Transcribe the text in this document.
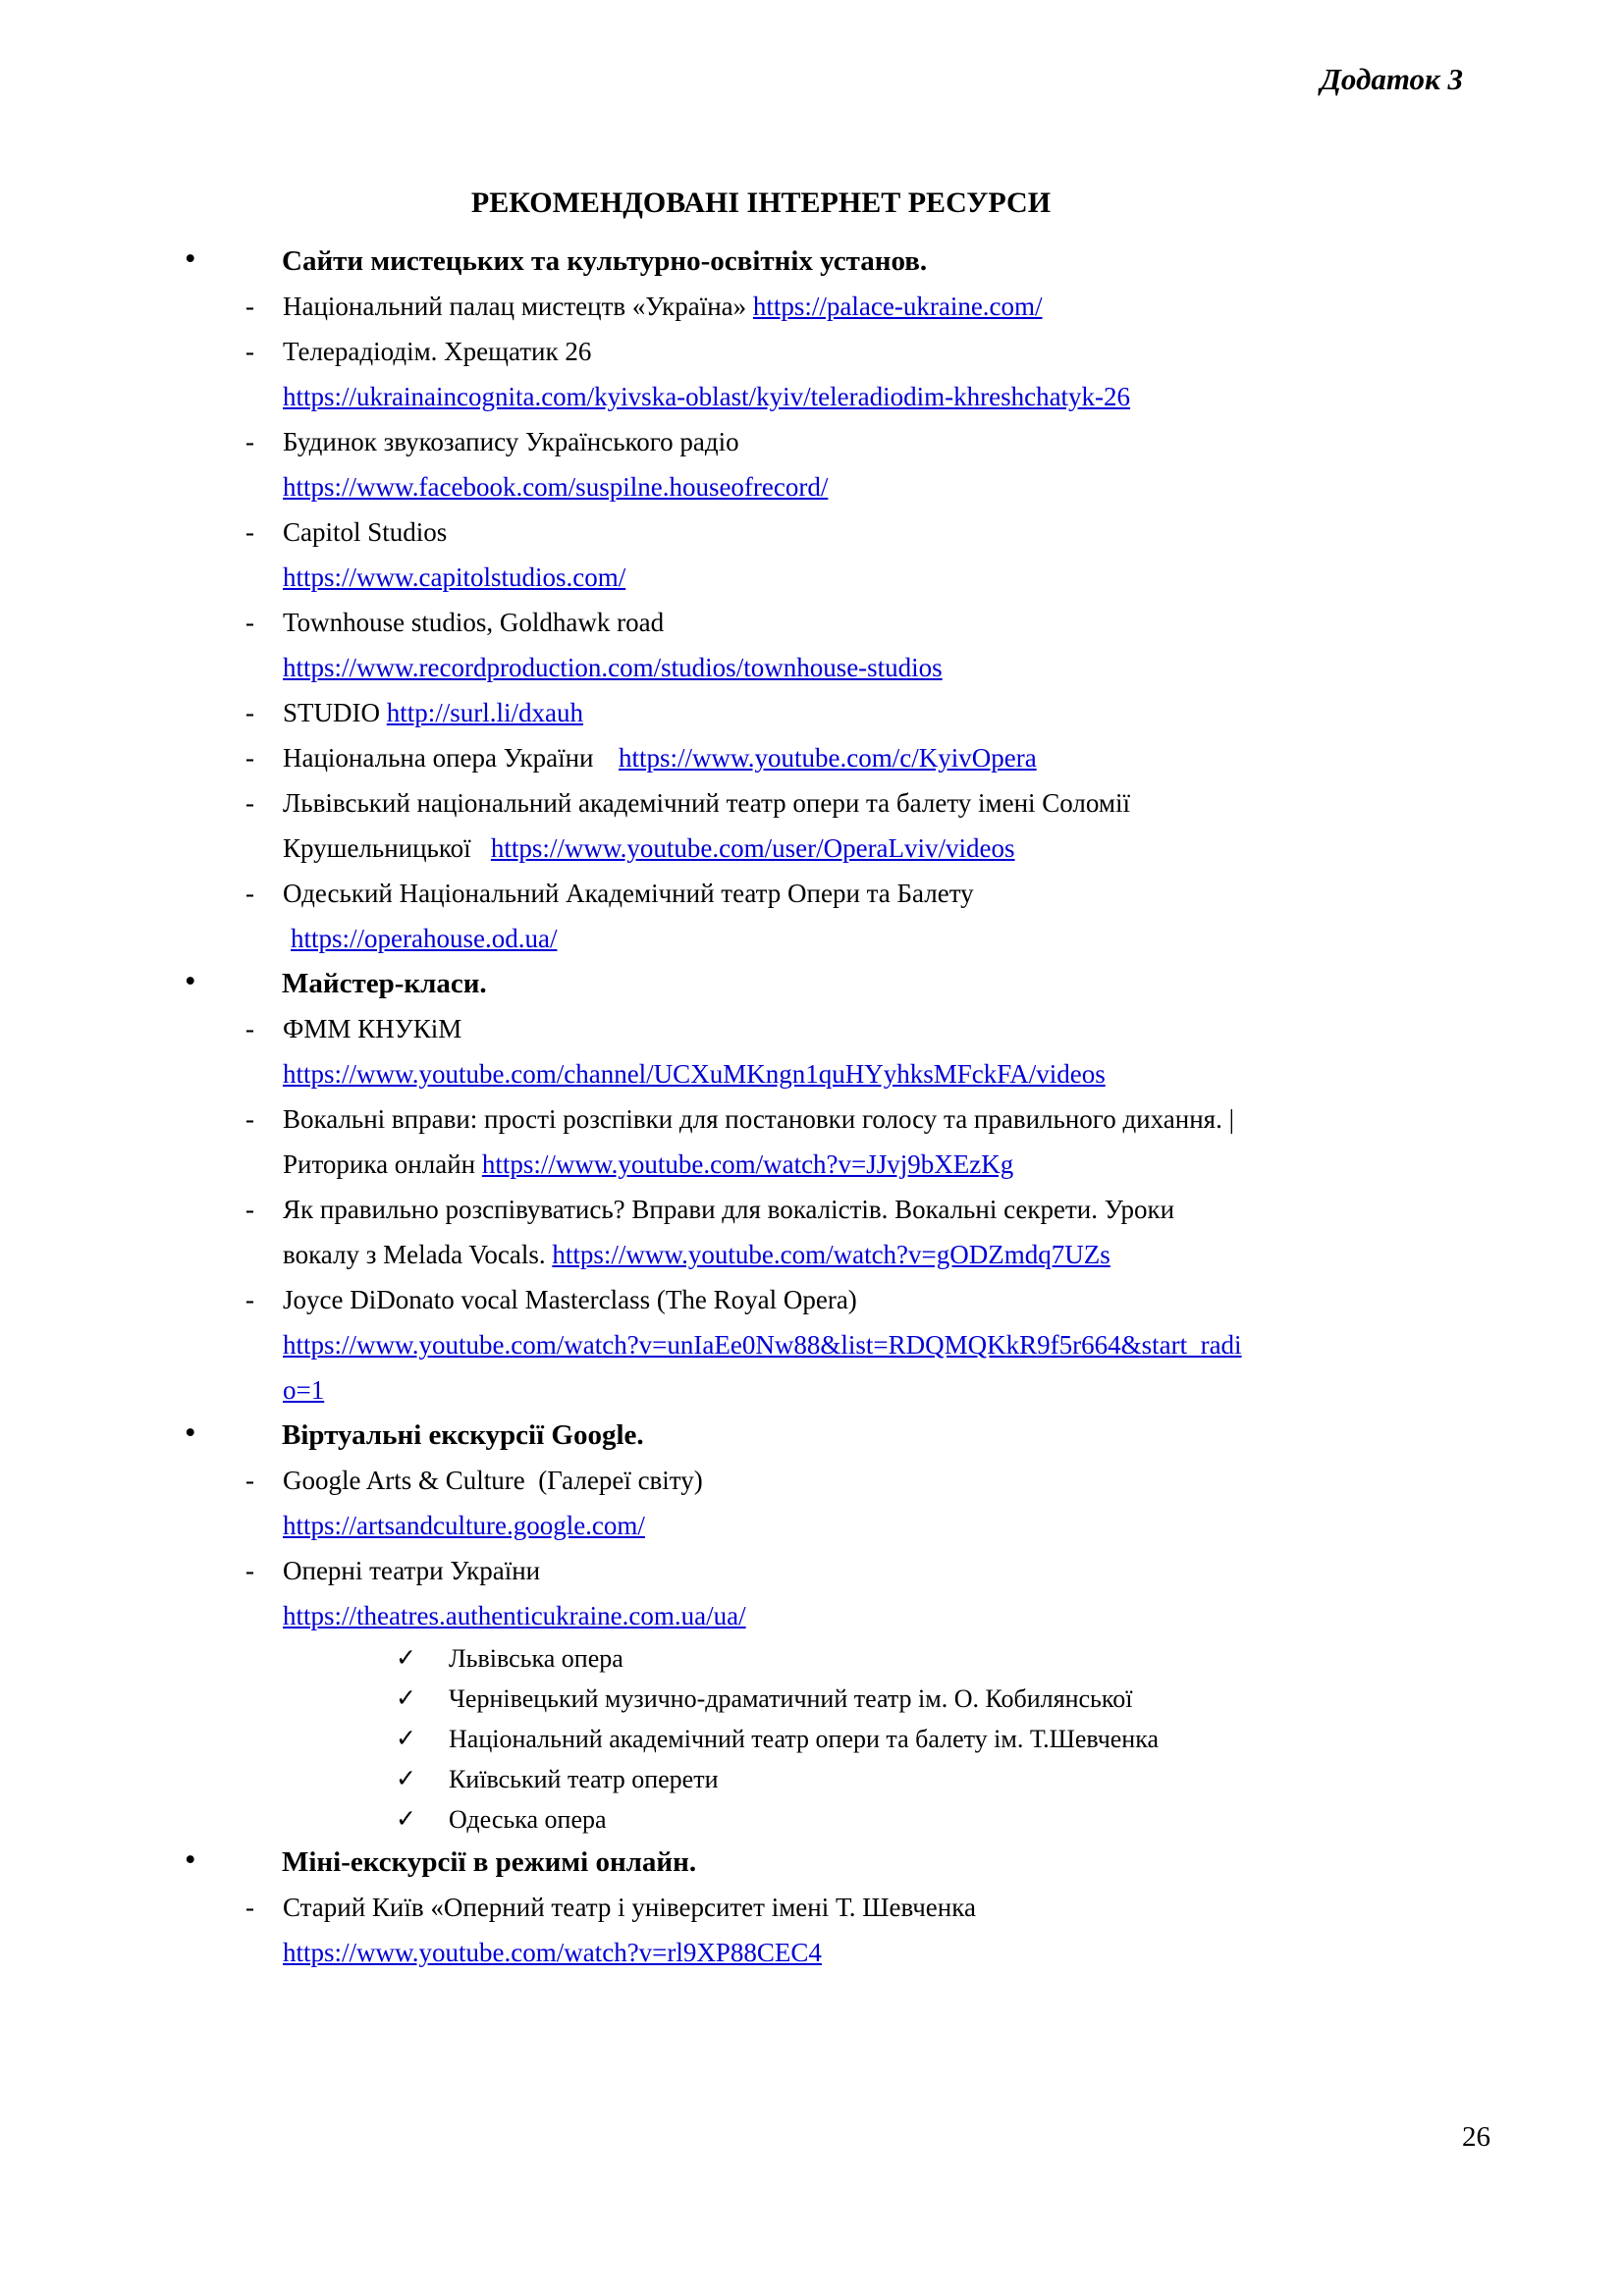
Додаток 3
РЕКОМЕНДОВАНІ ІНТЕРНЕТ РЕСУРСИ
•	Сайти мистецьких та культурно-освітніх установ.
- Національний палац мистецтв «Україна» https://palace-ukraine.com/
- Телерадіодім. Хрещатик 26
https://ukrainaincognita.com/kyivska-oblast/kyiv/teleradiodim-khreshchatyk-26
- Будинок звукозапису Українського радіо
https://www.facebook.com/suspilne.houseofrecord/
- Capitol Studios
https://www.capitolstudios.com/
- Townhouse studios, Goldhawk road
https://www.recordproduction.com/studios/townhouse-studios
- STUDIO http://surl.li/dxauh
- Національна опера України  https://www.youtube.com/c/KyivOpera
- Львівський національний академічний театр опери та балету імені Соломії
Крушельницької   https://www.youtube.com/user/OperaLviv/videos
- Одеський Національний Академічний театр Опери та Балету
https://operahouse.od.ua/
•	Майстер-класи.
- ФММ КНУКіМ
https://www.youtube.com/channel/UCXuMKngn1quHYyhksMFckFA/videos
- Вокальні вправи: прості розспівки для постановки голосу та правильного дихання. |
Риторика онлайн https://www.youtube.com/watch?v=JJvj9bXEzKg
- Як правильно розспівуватись? Вправи для вокалістів. Вокальні секрети. Уроки
вокалу з Melada Vocals. https://www.youtube.com/watch?v=gODZmdq7UZs
- Joyce DiDonato vocal Masterclass (The Royal Opera)
https://www.youtube.com/watch?v=unIaEe0Nw88&list=RDQMQKkR9f5r664&start_radi
o=1
•	Віртуальні екскурсії Google.
- Google Arts & Culture  (Галереї світу)
https://artsandculture.google.com/
- Оперні театри України
https://theatres.authenticukraine.com.ua/ua/
✓ Львівська опера
✓ Чернівецький музично-драматичний театр ім. О. Кобилянської
✓ Національний академічний театр опери та балету ім. Т.Шевченка
✓ Київський театр оперети
✓ Одеська опера
•	Міні-екскурсії в режимі онлайн.
- Старий Київ «Оперний театр і університет імені Т. Шевченка
https://www.youtube.com/watch?v=rl9XP88CEC4
26
